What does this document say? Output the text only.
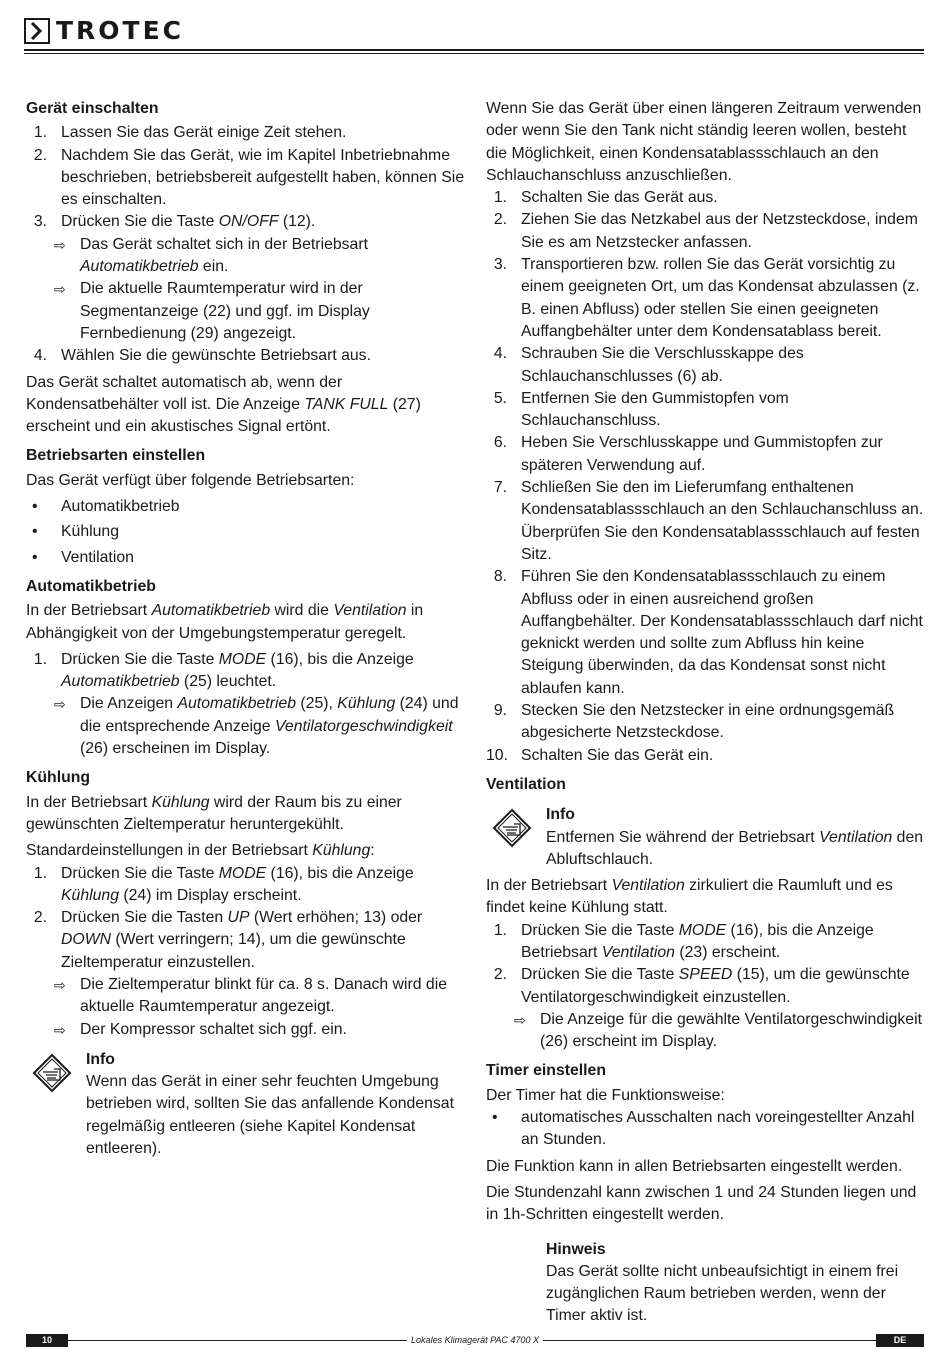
TROTEC
Gerät einschalten
1. Lassen Sie das Gerät einige Zeit stehen.
2. Nachdem Sie das Gerät, wie im Kapitel Inbetriebnahme beschrieben, betriebsbereit aufgestellt haben, können Sie es einschalten.
3. Drücken Sie die Taste ON/OFF (12).
⇨ Das Gerät schaltet sich in der Betriebsart Automatikbetrieb ein.
⇨ Die aktuelle Raumtemperatur wird in der Segmentanzeige (22) und ggf. im Display Fernbedienung (29) angezeigt.
4. Wählen Sie die gewünschte Betriebsart aus.

Das Gerät schaltet automatisch ab, wenn der Kondensatbehälter voll ist. Die Anzeige TANK FULL (27) erscheint und ein akustisches Signal ertönt.

Betriebsarten einstellen

Das Gerät verfügt über folgende Betriebsarten:

• Automatikbetrieb
• Kühlung
• Ventilation
Automatikbetrieb

In der Betriebsart Automatikbetrieb wird die Ventilation in Abhängigkeit von der Umgebungstemperatur geregelt.

1. Drücken Sie die Taste MODE (16), bis die Anzeige Automatikbetrieb (25) leuchtet.
⇨ Die Anzeigen Automatikbetrieb (25), Kühlung (24) und die entsprechende Anzeige Ventilatorgeschwindigkeit (26) erscheinen im Display.
Kühlung

In der Betriebsart Kühlung wird der Raum bis zu einer gewünschten Zieltemperatur heruntergekühlt.

Standardeinstellungen in der Betriebsart Kühlung:

1. Drücken Sie die Taste MODE (16), bis die Anzeige Kühlung (24) im Display erscheint.
2. Drücken Sie die Tasten UP (Wert erhöhen; 13) oder DOWN (Wert verringern; 14), um die gewünschte Zieltemperatur einzustellen.
⇨ Die Zieltemperatur blinkt für ca. 8 s. Danach wird die aktuelle Raumtemperatur angezeigt.
⇨ Der Kompressor schaltet sich ggf. ein.
Info
Wenn das Gerät in einer sehr feuchten Umgebung betrieben wird, sollten Sie das anfallende Kondensat regelmäßig entleeren (siehe Kapitel Kondensat entleeren).

Wenn Sie das Gerät über einen längeren Zeitraum verwenden oder wenn Sie den Tank nicht ständig leeren wollen, besteht die Möglichkeit, einen Kondensatablassschlauch an den Schlauchanschluss anzuschließen.

1. Schalten Sie das Gerät aus.
2. Ziehen Sie das Netzkabel aus der Netzsteckdose, indem Sie es am Netzstecker anfassen.
3. Transportieren bzw. rollen Sie das Gerät vorsichtig zu einem geeigneten Ort, um das Kondensat abzulassen (z. B. einen Abfluss) oder stellen Sie einen geeigneten Auffangbehälter unter dem Kondensatablass bereit.
4. Schrauben Sie die Verschlusskappe des Schlauchanschlusses (6) ab.
5. Entfernen Sie den Gummistopfen vom Schlauchanschluss.
6. Heben Sie Verschlusskappe und Gummistopfen zur späteren Verwendung auf.
7. Schließen Sie den im Lieferumfang enthaltenen Kondensatablassschlauch an den Schlauchanschluss an. Überprüfen Sie den Kondensatablassschlauch auf festen Sitz.
8. Führen Sie den Kondensatablassschlauch zu einem Abfluss oder in einen ausreichend großen Auffangbehälter. Der Kondensatablassschlauch darf nicht geknickt werden und sollte zum Abfluss hin keine Steigung überwinden, da das Kondensat sonst nicht ablaufen kann.
9. Stecken Sie den Netzstecker in eine ordnungsgemäß abgesicherte Netzsteckdose.
10. Schalten Sie das Gerät ein.
Ventilation
Info
Entfernen Sie während der Betriebsart Ventilation den Abluftschlauch.

In der Betriebsart Ventilation zirkuliert die Raumluft und es findet keine Kühlung statt.

1. Drücken Sie die Taste MODE (16), bis die Anzeige Betriebsart Ventilation (23) erscheint.
2. Drücken Sie die Taste SPEED (15), um die gewünschte Ventilatorgeschwindigkeit einzustellen.
⇨ Die Anzeige für die gewählte Ventilatorgeschwindigkeit (26) erscheint im Display.
Timer einstellen

Der Timer hat die Funktionsweise:

• automatisches Ausschalten nach voreingestellter Anzahl an Stunden.

Die Funktion kann in allen Betriebsarten eingestellt werden.

Die Stundenzahl kann zwischen 1 und 24 Stunden liegen und in 1h-Schritten eingestellt werden.

Hinweis
Das Gerät sollte nicht unbeaufsichtigt in einem frei zugänglichen Raum betrieben werden, wenn der Timer aktiv ist.
Lokales Klimagerät PAC 4700 X
10	DE
